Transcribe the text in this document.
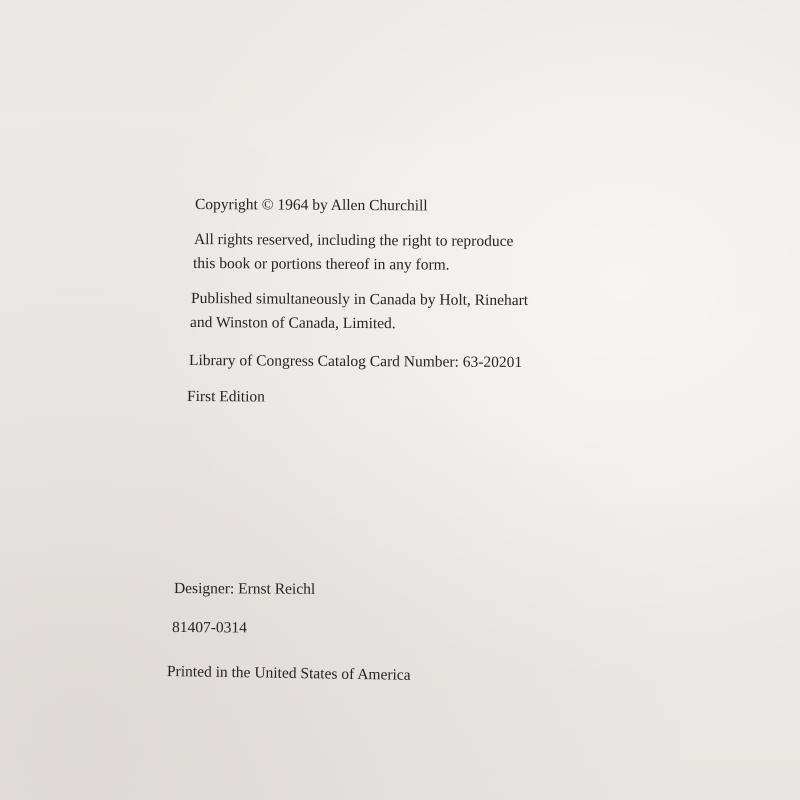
Copyright © 1964 by Allen Churchill
All rights reserved, including the right to reproduce
this book or portions thereof in any form.
Published simultaneously in Canada by Holt, Rinehart
and Winston of Canada, Limited.
Library of Congress Catalog Card Number: 63-20201
First Edition
Designer: Ernst Reichl
81407-0314
Printed in the United States of America
